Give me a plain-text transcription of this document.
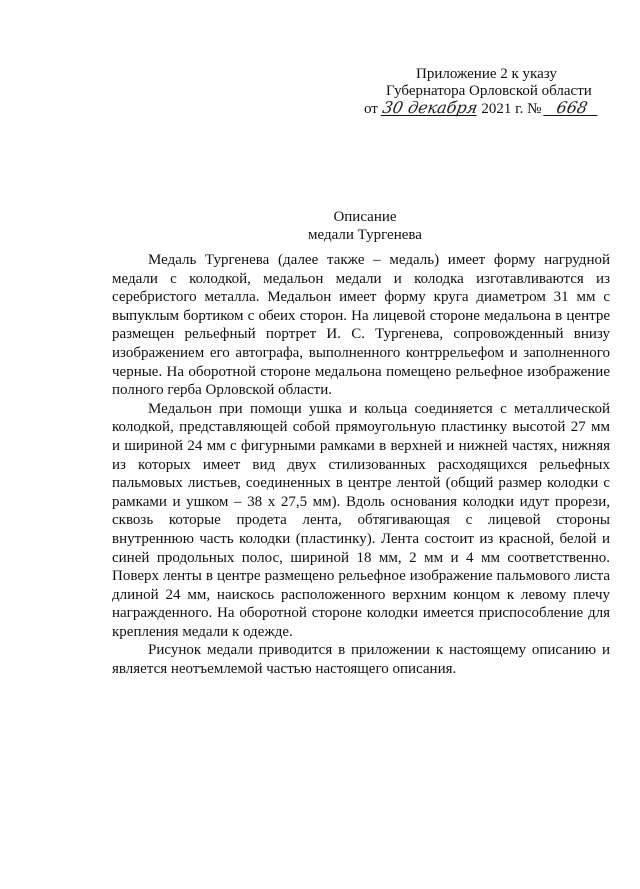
Приложение 2 к указу
Губернатора Орловской области
от 30 декабря 2021 г. № 668
Описание
медали Тургенева

Медаль Тургенева (далее также – медаль) имеет форму нагрудной медали с колодкой, медальон медали и колодка изготавливаются из серебристого металла. Медальон имеет форму круга диаметром 31 мм с выпуклым бортиком с обеих сторон. На лицевой стороне медальона в центре размещен рельефный портрет И. С. Тургенева, сопровожденный внизу изображением его автографа, выполненного контррельефом и заполненного черные. На оборотной стороне медальона помещено рельефное изображение полного герба Орловской области.

Медальон при помощи ушка и кольца соединяется с металлической колодкой, представляющей собой прямоугольную пластинку высотой 27 мм и шириной 24 мм с фигурными рамками в верхней и нижней частях, нижняя из которых имеет вид двух стилизованных расходящихся рельефных пальмовых листьев, соединенных в центре лентой (общий размер колодки с рамками и ушком – 38 х 27,5 мм). Вдоль основания колодки идут прорези, сквозь которые продета лента, обтягивающая с лицевой стороны внутреннюю часть колодки (пластинку). Лента состоит из красной, белой и синей продольных полос, шириной 18 мм, 2 мм и 4 мм соответственно. Поверх ленты в центре размещено рельефное изображение пальмового листа длиной 24 мм, наискось расположенного верхним концом к левому плечу награжденного. На оборотной стороне колодки имеется приспособление для крепления медали к одежде.

Рисунок медали приводится в приложении к настоящему описанию и является неотъемлемой частью настоящего описания.
